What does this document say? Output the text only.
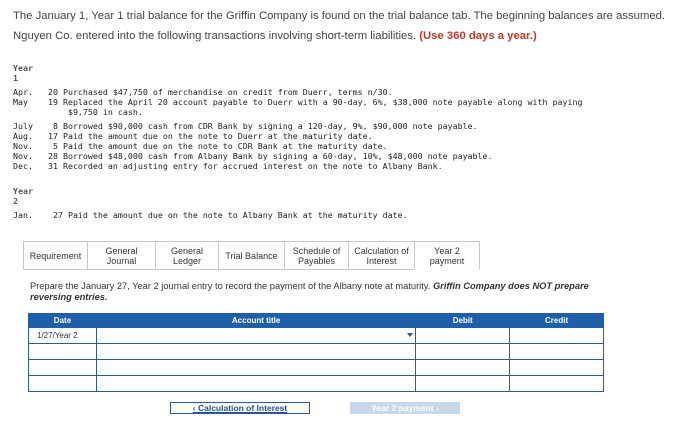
The January 1, Year 1 trial balance for the Griffin Company is found on the trial balance tab. The beginning balances are assumed.
Nguyen Co. entered into the following transactions involving short-term liabilities. (Use 360 days a year.)
Year
1
Apr.   20 Purchased $47,750 of merchandise on credit from Duerr, terms n/30.
May    19 Replaced the April 20 account payable to Duerr with a 90-day, 6%, $38,000 note payable along with paying
$9,750 in cash.
July    8 Borrowed $90,000 cash from CDR Bank by signing a 120-day, 9%, $90,000 note payable.
Aug.   17 Paid the amount due on the note to Duerr at the maturity date.
Nov.    5 Paid the amount due on the note to CDR Bank at the maturity date.
Nov.   28 Borrowed $48,000 cash from Albany Bank by signing a 60-day, 10%, $48,000 note payable.
Dec.   31 Recorded an adjusting entry for accrued interest on the note to Albany Bank.
Year
2
Jan.    27 Paid the amount due on the note to Albany Bank at the maturity date.
Requirement	General
Journal
General
Ledger	Trial Balance Schedule of
Payables
Calculation of
Interest
Year 2
payment
Prepare the January 27, Year 2 journal entry to record the payment of the Albany note at maturity. Griffin Company does NOT prepare reversing entries.
Date	Account title	Debit	Credit
1/27/Year 2	

‹ Calculation of Interest	Year 2 payment ›
